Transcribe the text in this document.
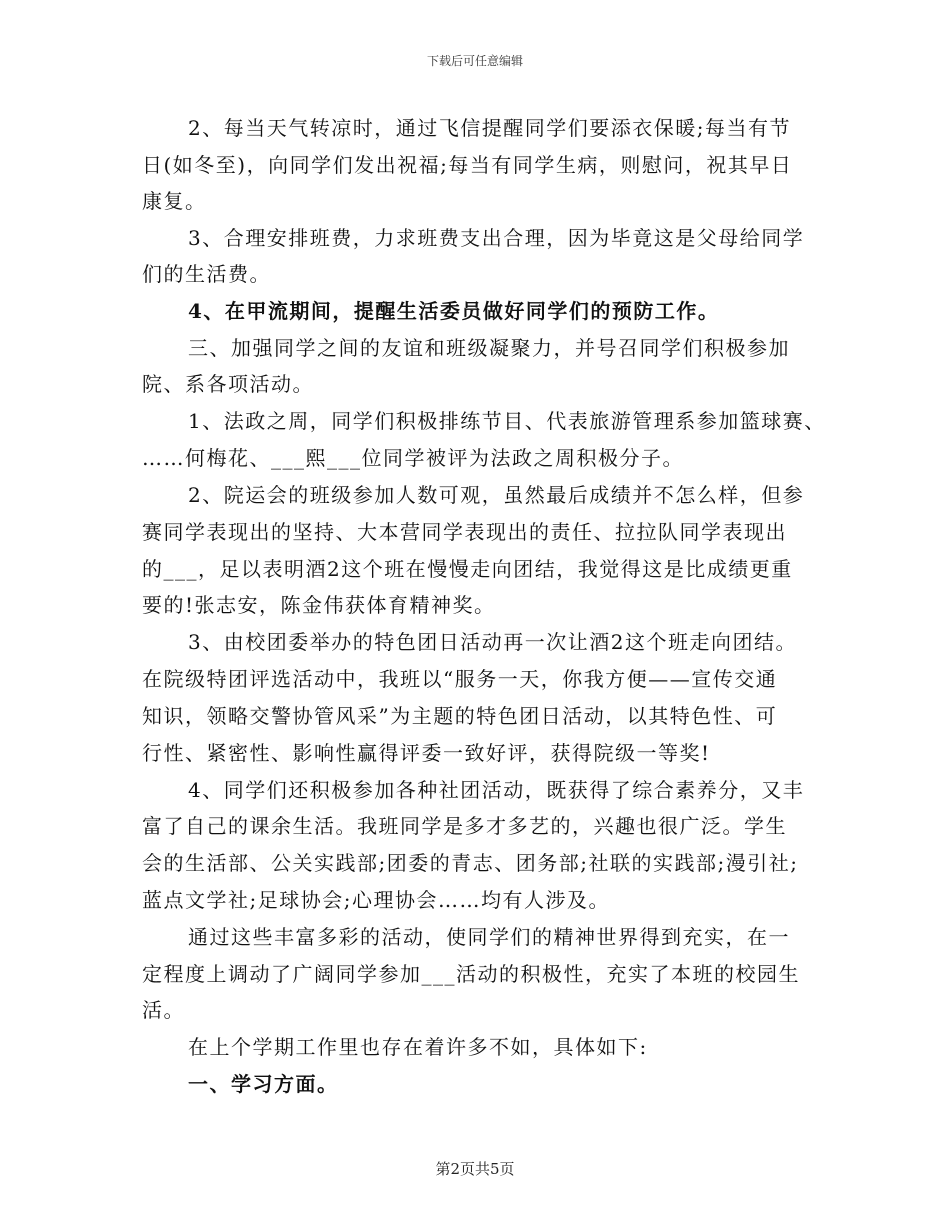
下载后可任意编辑
2、每当天气转凉时，通过飞信提醒同学们要添衣保暖;每当有节
日(如冬至)，向同学们发出祝福;每当有同学生病，则慰问，祝其早日
康复。
3、合理安排班费，力求班费支出合理，因为毕竟这是父母给同学
们的生活费。
4、在甲流期间，提醒生活委员做好同学们的预防工作。
三、加强同学之间的友谊和班级凝聚力，并号召同学们积极参加
院、系各项活动。
1、法政之周，同学们积极排练节目、代表旅游管理系参加篮球赛、
……何梅花、___熙___位同学被评为法政之周积极分子。
2、院运会的班级参加人数可观，虽然最后成绩并不怎么样，但参
赛同学表现出的坚持、大本营同学表现出的责任、拉拉队同学表现出
的___，足以表明酒2这个班在慢慢走向团结，我觉得这是比成绩更重
要的!张志安，陈金伟获体育精神奖。
3、由校团委举办的特色团日活动再一次让酒2这个班走向团结。
在院级特团评选活动中，我班以“服务一天，你我方便——宣传交通
知识，领略交警协管风采”为主题的特色团日活动，以其特色性、可
行性、紧密性、影响性赢得评委一致好评，获得院级一等奖!
4、同学们还积极参加各种社团活动，既获得了综合素养分，又丰
富了自己的课余生活。我班同学是多才多艺的，兴趣也很广泛。学生
会的生活部、公关实践部;团委的青志、团务部;社联的实践部;漫引社;
蓝点文学社;足球协会;心理协会……均有人涉及。
通过这些丰富多彩的活动，使同学们的精神世界得到充实，在一
定程度上调动了广阔同学参加___活动的积极性，充实了本班的校园生
活。
在上个学期工作里也存在着许多不如，具体如下:
一、学习方面。
第2页共5页
